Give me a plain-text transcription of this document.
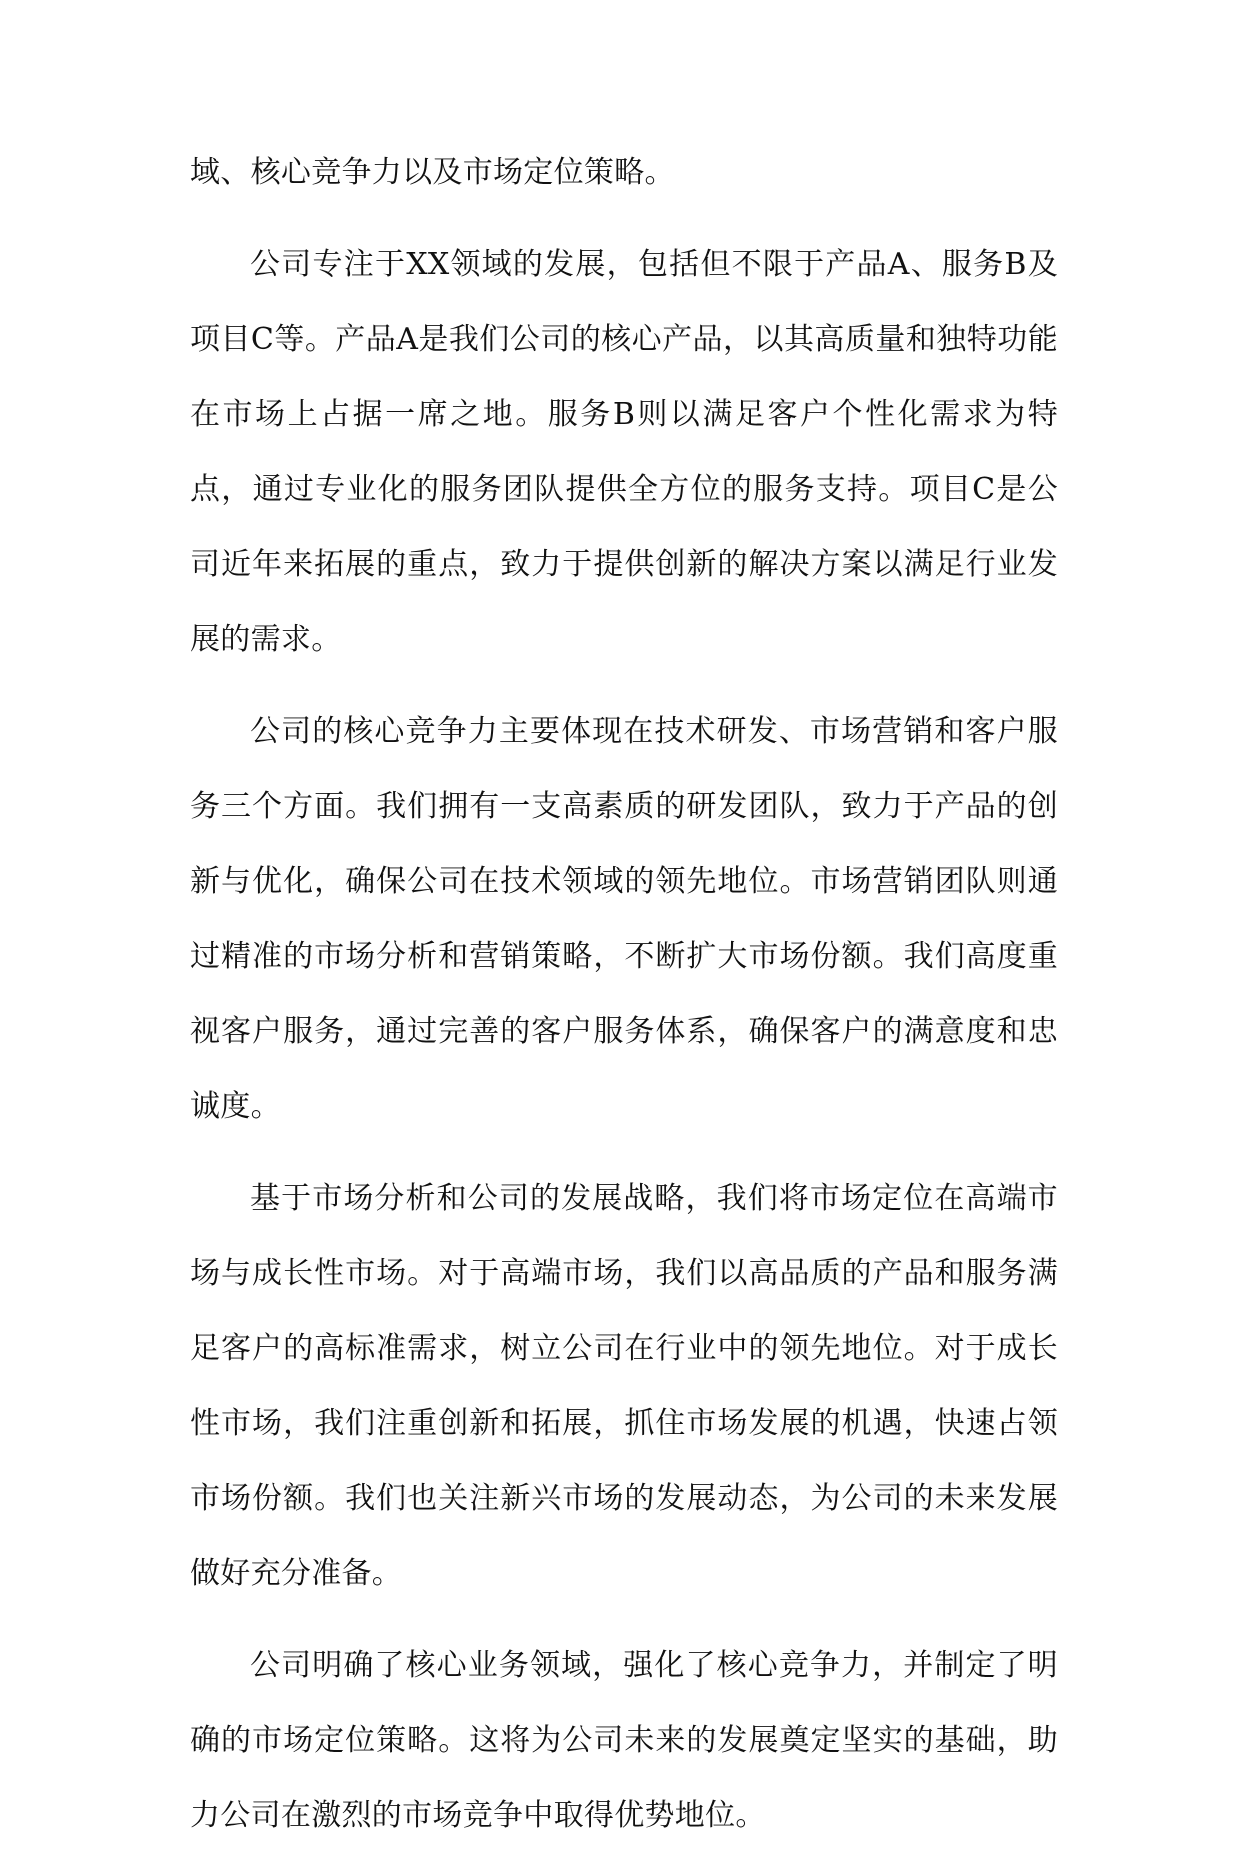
域、核心竞争力以及市场定位策略。

公司专注于XX领域的发展，包括但不限于产品A、服务B及项目C等。产品A是我们公司的核心产品，以其高质量和独特功能在市场上占据一席之地。服务B则以满足客户个性化需求为特点，通过专业化的服务团队提供全方位的服务支持。项目C是公司近年来拓展的重点，致力于提供创新的解决方案以满足行业发展的需求。

公司的核心竞争力主要体现在技术研发、市场营销和客户服务三个方面。我们拥有一支高素质的研发团队，致力于产品的创新与优化，确保公司在技术领域的领先地位。市场营销团队则通过精准的市场分析和营销策略，不断扩大市场份额。我们高度重视客户服务，通过完善的客户服务体系，确保客户的满意度和忠诚度。

基于市场分析和公司的发展战略，我们将市场定位在高端市场与成长性市场。对于高端市场，我们以高品质的产品和服务满足客户的高标准需求，树立公司在行业中的领先地位。对于成长性市场，我们注重创新和拓展，抓住市场发展的机遇，快速占领市场份额。我们也关注新兴市场的发展动态，为公司的未来发展做好充分准备。

公司明确了核心业务领域，强化了核心竞争力，并制定了明确的市场定位策略。这将为公司未来的发展奠定坚实的基础，助力公司在激烈的市场竞争中取得优势地位。
